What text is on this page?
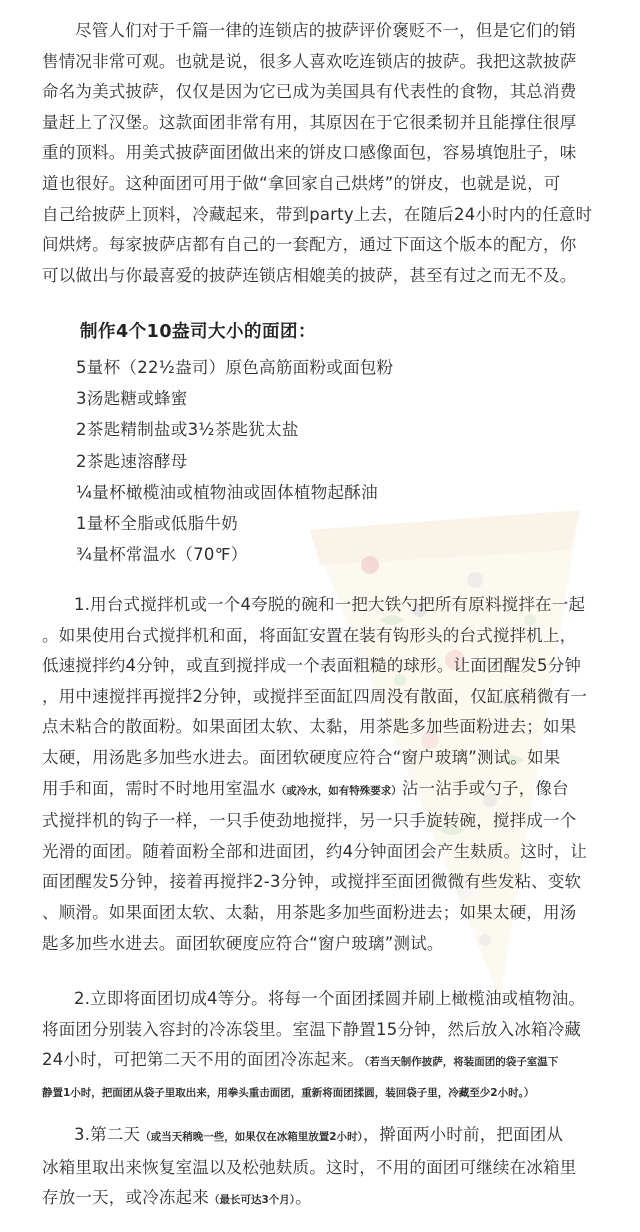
尽管人们对于千篇一律的连锁店的披萨评价褒贬不一，但是它们的销
售情况非常可观。也就是说，很多人喜欢吃连锁店的披萨。我把这款披萨
命名为美式披萨，仅仅是因为它已成为美国具有代表性的食物，其总消费
量赶上了汉堡。这款面团非常有用，其原因在于它很柔韧并且能撑住很厚
重的顶料。用美式披萨面团做出来的饼皮口感像面包，容易填饱肚子，味
道也很好。这种面团可用于做“拿回家自己烘烤”的饼皮，也就是说，可
自己给披萨上顶料，冷藏起来，带到party上去，在随后24小时内的任意时
间烘烤。每家披萨店都有自己的一套配方，通过下面这个版本的配方，你
可以做出与你最喜爱的披萨连锁店相媲美的披萨，甚至有过之而无不及。
制作4个10盎司大小的面团：
5量杯（22½盎司）原色高筋面粉或面包粉
3汤匙糖或蜂蜜
2茶匙精制盐或3½茶匙犹太盐
2茶匙速溶酵母
¼量杯橄榄油或植物油或固体植物起酥油
1量杯全脂或低脂牛奶
¾量杯常温水（70℉）
1.用台式搅拌机或一个4夸脱的碗和一把大铁勺把所有原料搅拌在一起
。如果使用台式搅拌机和面，将面缸安置在装有钩形头的台式搅拌机上，
低速搅拌约4分钟，或直到搅拌成一个表面粗糙的球形。让面团醒发5分钟
，用中速搅拌再搅拌2分钟，或搅拌至面缸四周没有散面，仅缸底稍微有一
点未粘合的散面粉。如果面团太软、太黏，用茶匙多加些面粉进去；如果
太硬，用汤匙多加些水进去。面团软硬度应符合“窗户玻璃”测试。如果
用手和面，需时不时地用室温水（或冷水，如有特殊要求）沾一沾手或勺子，像台
式搅拌机的钩子一样，一只手使劲地搅拌，另一只手旋转碗，搅拌成一个
光滑的面团。随着面粉全部和进面团，约4分钟面团会产生麸质。这时，让
面团醒发5分钟，接着再搅拌2-3分钟，或搅拌至面团微微有些发粘、变软
、顺滑。如果面团太软、太黏，用茶匙多加些面粉进去；如果太硬，用汤
匙多加些水进去。面团软硬度应符合“窗户玻璃”测试。
2.立即将面团切成4等分。将每一个面团揉圆并刷上橄榄油或植物油。
将面团分别装入容封的冷冻袋里。室温下静置15分钟，然后放入冰箱冷藏
24小时，可把第二天不用的面团冷冻起来。（若当天制作披萨，将装面团的袋子室温下
静置1小时，把面团从袋子里取出来，用拳头重击面团，重新将面团揉圆，装回袋子里，冷藏至少2小时。）
3.第二天（或当天稍晚一些，如果仅在冰箱里放置2小时），擀面两小时前，把面团从
冰箱里取出来恢复室温以及松弛麸质。这时，不用的面团可继续在冰箱里
存放一天，或冷冻起来（最长可达3个月）。
